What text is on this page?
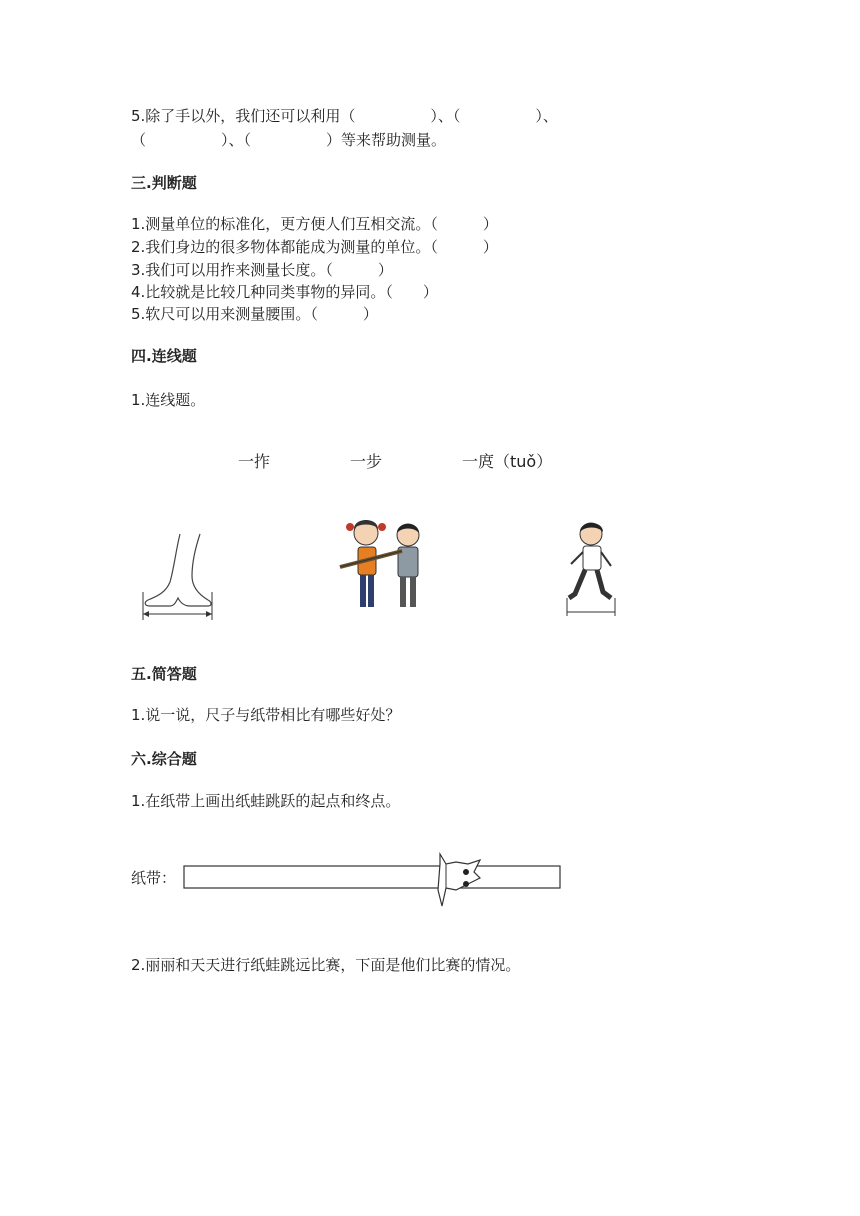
5.除了手以外，我们还可以利用（　　　　　）、（　　　　　）、
（　　　　　）、（　　　　　）等来帮助测量。
三.判断题
1.测量单位的标准化，更方便人们互相交流。（　　　）
2.我们身边的很多物体都能成为测量的单位。（　　　）
3.我们可以用拃来测量长度。（　　　）
4.比较就是比较几种同类事物的异同。（　　）
5.软尺可以用来测量腰围。（　　　）
四.连线题
1.连线题。
一拃	一步	一庹（tuǒ）
五.简答题
1.说一说，尺子与纸带相比有哪些好处？
六.综合题
1.在纸带上画出纸蛙跳跃的起点和终点。
纸带：
2.丽丽和天天进行纸蛙跳远比赛，下面是他们比赛的情况。
